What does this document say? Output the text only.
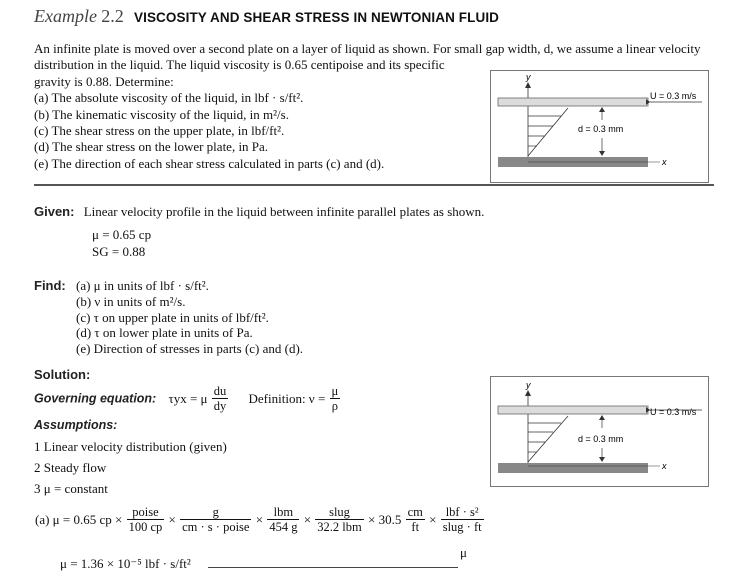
Example 2.2 VISCOSITY AND SHEAR STRESS IN NEWTONIAN FLUID
An infinite plate is moved over a second plate on a layer of liquid as shown. For small gap width, d, we assume a linear velocity
distribution in the liquid. The liquid viscosity is 0.65 centipoise and its specific
gravity is 0.88. Determine:
(a) The absolute viscosity of the liquid, in lbf · s/ft².
(b) The kinematic viscosity of the liquid, in m²/s.
(c) The shear stress on the upper plate, in lbf/ft².
(d) The shear stress on the lower plate, in Pa.
(e) The direction of each shear stress calculated in parts (c) and (d).
y
U = 0.3 m/s
d = 0.3 mm
x
Given: Linear velocity profile in the liquid between infinite parallel plates as shown.
μ = 0.65 cp
SG = 0.88
Find: (a) μ in units of lbf · s/ft².
(b) ν in units of m²/s.
(c) τ on upper plate in units of lbf/ft².
(d) τ on lower plate in units of Pa.
(e) Direction of stresses in parts (c) and (d).
Solution:
Governing equation: τyx = μ $\frac{du}{dy}$ Definition: $\nu = \frac{\mu}{\rho}$
Assumptions:
1 Linear velocity distribution (given)
2 Steady flow
3 μ = constant
y
U = 0.3 m/s
d = 0.3 mm
x
(a) μ = 0.65 cp × $\frac{\text{poise}}{100 cp} \times \frac{g}{\text{cm · s · poise}} \times \frac{\text{lbm}}{454 g} \times \frac{\text{slug}}{\text{32.2 lbm}} \times 30.5 \frac{cm}{ft} \times \frac{\text{lbf · s²}}{\text{slug · ft}}$
μ
μ = 1.36 × 10⁻⁵ lbf · s/ft²
